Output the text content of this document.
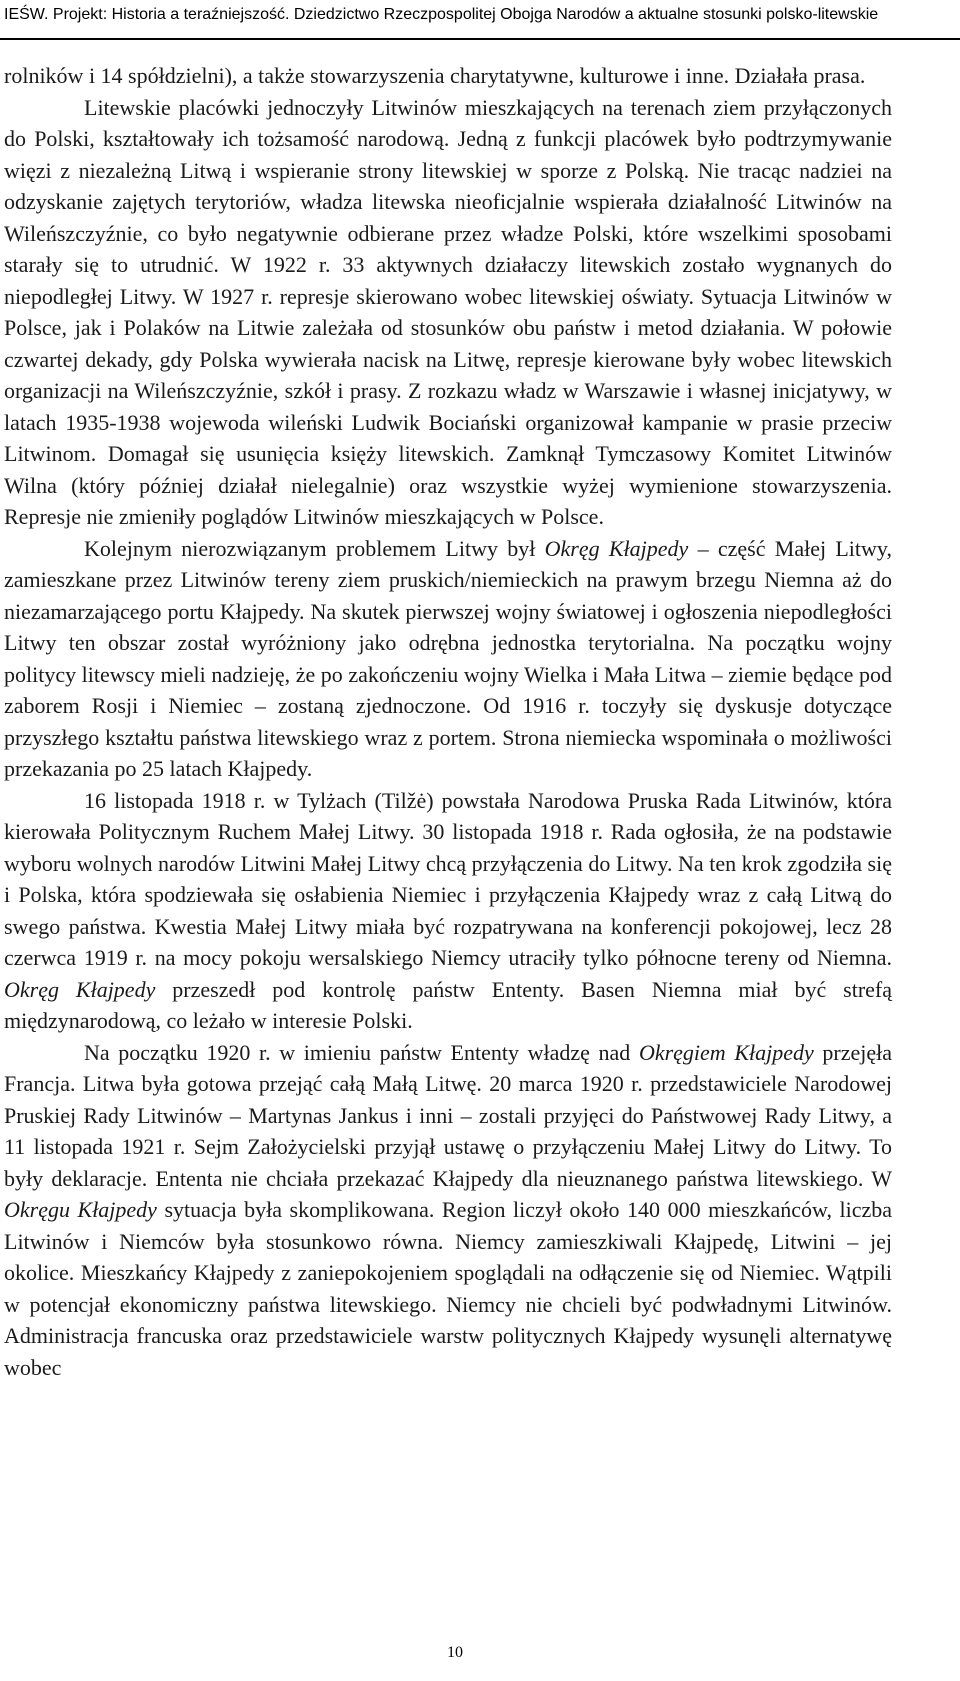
IEŚW. Projekt: Historia a teraźniejszość. Dziedzictwo Rzeczpospolitej Obojga Narodów a aktualne stosunki polsko-litewskie

rolników i 14 spółdzielni), a także stowarzyszenia charytatywne, kulturowe i inne. Działała prasa.

Litewskie placówki jednoczyły Litwinów mieszkających na terenach ziem przyłączonych do Polski, kształtowały ich tożsamość narodową. Jedną z funkcji placówek było podtrzymywanie więzi z niezależną Litwą i wspieranie strony litewskiej w sporze z Polską. Nie tracąc nadziei na odzyskanie zajętych terytoriów, władza litewska nieoficjalnie wspierała działalność Litwinów na Wileńszczyźnie, co było negatywnie odbierane przez władze Polski, które wszelkimi sposobami starały się to utrudnić. W 1922 r. 33 aktywnych działaczy litewskich zostało wygnanych do niepodległej Litwy. W 1927 r. represje skierowano wobec litewskiej oświaty. Sytuacja Litwinów w Polsce, jak i Polaków na Litwie zależała od stosunków obu państw i metod działania. W połowie czwartej dekady, gdy Polska wywierała nacisk na Litwę, represje kierowane były wobec litewskich organizacji na Wileńszczyźnie, szkół i prasy. Z rozkazu władz w Warszawie i własnej inicjatywy, w latach 1935-1938 wojewoda wileński Ludwik Bociański organizował kampanie w prasie przeciw Litwinom. Domagał się usunięcia księży litewskich. Zamknął Tymczasowy Komitet Litwinów Wilna (który później działał nielegalnie) oraz wszystkie wyżej wymienione stowarzyszenia. Represje nie zmieniły poglądów Litwinów mieszkających w Polsce.

Kolejnym nierozwiązanym problemem Litwy był Okręg Kłajpedy – część Małej Litwy, zamieszkane przez Litwinów tereny ziem pruskich/niemieckich na prawym brzegu Niemna aż do niezamarzającego portu Kłajpedy. Na skutek pierwszej wojny światowej i ogłoszenia niepodległości Litwy ten obszar został wyróżniony jako odrębna jednostka terytorialna. Na początku wojny politycy litewscy mieli nadzieję, że po zakończeniu wojny Wielka i Mała Litwa – ziemie będące pod zaborem Rosji i Niemiec – zostaną zjednoczone. Od 1916 r. toczyły się dyskusje dotyczące przyszłego kształtu państwa litewskiego wraz z portem. Strona niemiecka wspominała o możliwości przekazania po 25 latach Kłajpedy.

16 listopada 1918 r. w Tylżach (Tilžė) powstała Narodowa Pruska Rada Litwinów, która kierowała Politycznym Ruchem Małej Litwy. 30 listopada 1918 r. Rada ogłosiła, że na podstawie wyboru wolnych narodów Litwini Małej Litwy chcą przyłączenia do Litwy. Na ten krok zgodziła się i Polska, która spodziewała się osłabienia Niemiec i przyłączenia Kłajpedy wraz z całą Litwą do swego państwa. Kwestia Małej Litwy miała być rozpatrywana na konferencji pokojowej, lecz 28 czerwca 1919 r. na mocy pokoju wersalskiego Niemcy utraciły tylko północne tereny od Niemna. Okręg Kłajpedy przeszedł pod kontrolę państw Ententy. Basen Niemna miał być strefą międzynarodową, co leżało w interesie Polski.

Na początku 1920 r. w imieniu państw Ententy władzę nad Okręgiem Kłajpedy przejęła Francja. Litwa była gotowa przejąć całą Małą Litwę. 20 marca 1920 r. przedstawiciele Narodowej Pruskiej Rady Litwinów – Martynas Jankus i inni – zostali przyjęci do Państwowej Rady Litwy, a 11 listopada 1921 r. Sejm Założycielski przyjął ustawę o przyłączeniu Małej Litwy do Litwy. To były deklaracje. Ententa nie chciała przekazać Kłajpedy dla nieuznanego państwa litewskiego. W Okręgu Kłajpedy sytuacja była skomplikowana. Region liczył około 140 000 mieszkańców, liczba Litwinów i Niemców była stosunkowo równa. Niemcy zamieszkiwali Kłajpedę, Litwini – jej okolice. Mieszkańcy Kłajpedy z zaniepokojeniem spoglądali na odłączenie się od Niemiec. Wątpili w potencjał ekonomiczny państwa litewskiego. Niemcy nie chcieli być podwładnymi Litwinów. Administracja francuska oraz przedstawiciele warstw politycznych Kłajpedy wysunęli alternatywę wobec

10
